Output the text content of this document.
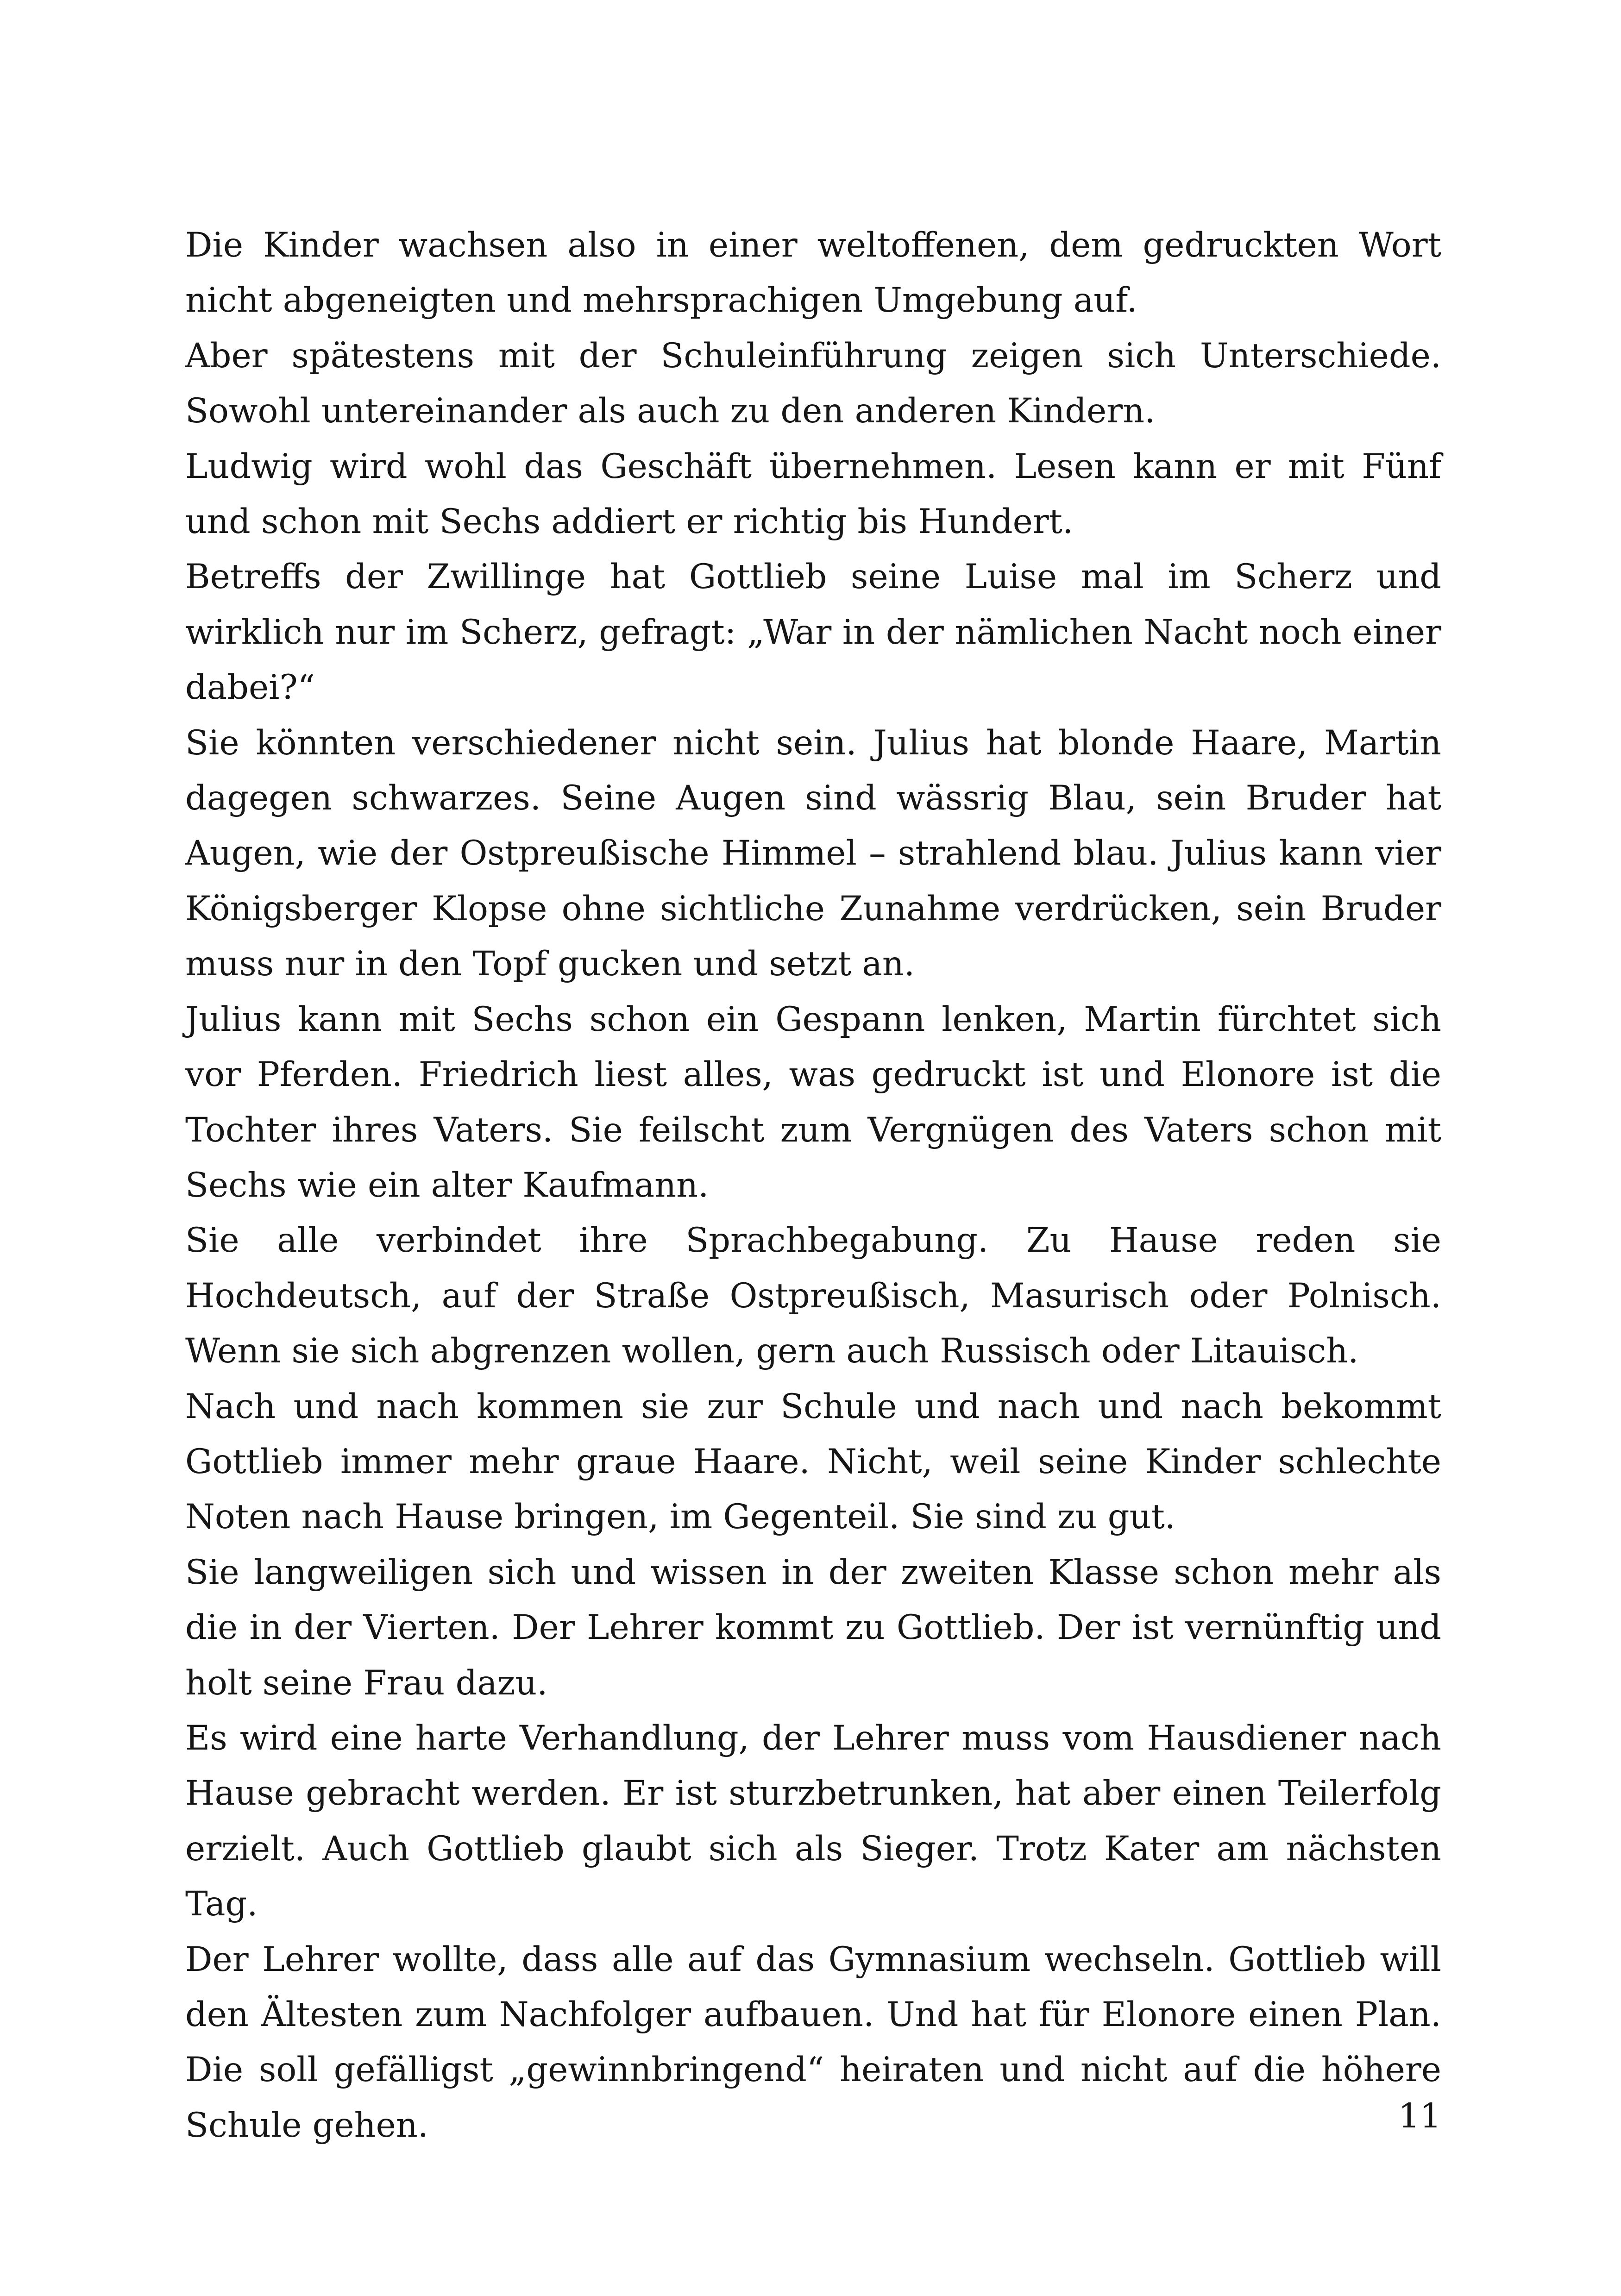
Die Kinder wachsen also in einer weltoffenen, dem gedruckten Wort nicht abgeneigten und mehrsprachigen Umgebung auf.

Aber spätestens mit der Schuleinführung zeigen sich Unterschiede. Sowohl untereinander als auch zu den anderen Kindern.

Ludwig wird wohl das Geschäft übernehmen. Lesen kann er mit Fünf und schon mit Sechs addiert er richtig bis Hundert.

Betreffs der Zwillinge hat Gottlieb seine Luise mal im Scherz und wirklich nur im Scherz, gefragt: „War in der nämlichen Nacht noch einer dabei?“

Sie könnten verschiedener nicht sein. Julius hat blonde Haare, Martin dagegen schwarzes. Seine Augen sind wässrig Blau, sein Bruder hat Augen, wie der Ostpreußische Himmel – strahlend blau. Julius kann vier Königsberger Klopse ohne sichtliche Zunahme verdrücken, sein Bruder muss nur in den Topf gucken und setzt an.

Julius kann mit Sechs schon ein Gespann lenken, Martin fürchtet sich vor Pferden. Friedrich liest alles, was gedruckt ist und Elonore ist die Tochter ihres Vaters. Sie feilscht zum Vergnügen des Vaters schon mit Sechs wie ein alter Kaufmann.

Sie alle verbindet ihre Sprachbegabung. Zu Hause reden sie Hochdeutsch, auf der Straße Ostpreußisch, Masurisch oder Polnisch. Wenn sie sich abgrenzen wollen, gern auch Russisch oder Litauisch.

Nach und nach kommen sie zur Schule und nach und nach bekommt Gottlieb immer mehr graue Haare. Nicht, weil seine Kinder schlechte Noten nach Hause bringen, im Gegenteil. Sie sind zu gut.

Sie langweiligen sich und wissen in der zweiten Klasse schon mehr als die in der Vierten. Der Lehrer kommt zu Gottlieb. Der ist vernünftig und holt seine Frau dazu.

Es wird eine harte Verhandlung, der Lehrer muss vom Hausdiener nach Hause gebracht werden. Er ist sturzbetrunken, hat aber einen Teilerfolg erzielt. Auch Gottlieb glaubt sich als Sieger. Trotz Kater am nächsten Tag.

Der Lehrer wollte, dass alle auf das Gymnasium wechseln. Gottlieb will den Ältesten zum Nachfolger aufbauen. Und hat für Elonore einen Plan. Die soll gefälligst „gewinnbringend“ heiraten und nicht auf die höhere Schule gehen.	11
